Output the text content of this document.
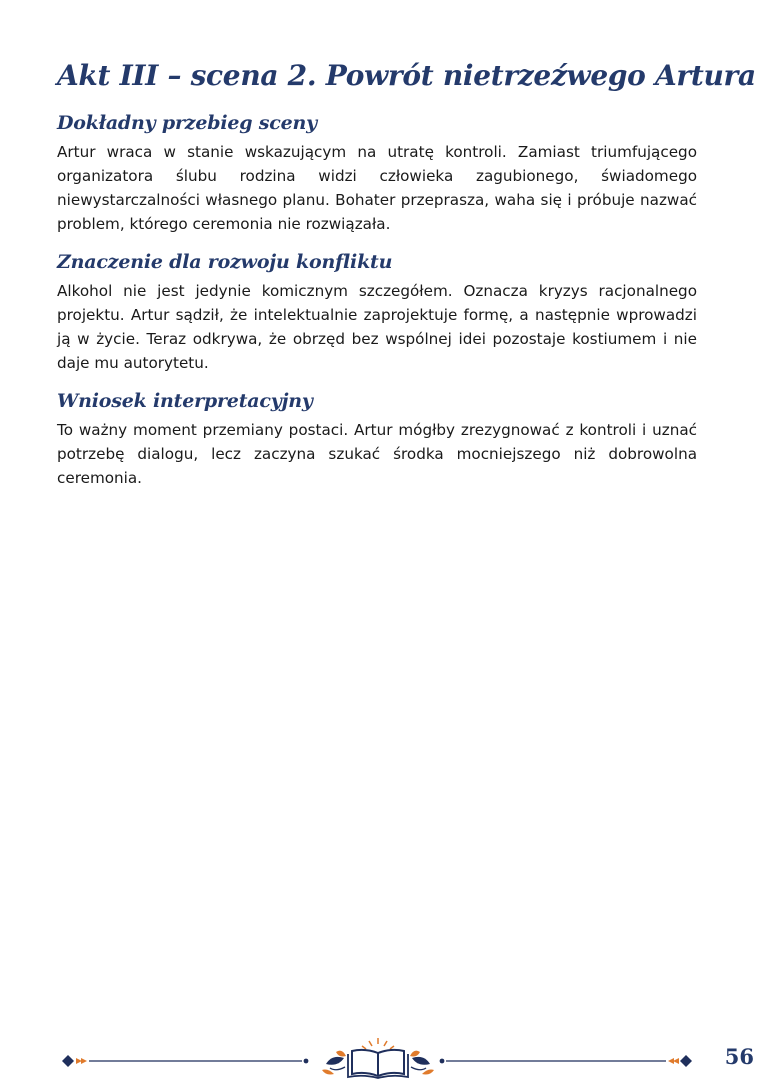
Akt III – scena 2. Powrót nietrzeźwego Artura
Dokładny przebieg sceny

Artur wraca w stanie wskazującym na utratę kontroli. Zamiast triumfującego organizatora ślubu rodzina widzi człowieka zagubionego, świadomego niewystarczalności własnego planu. Bohater przeprasza, waha się i próbuje nazwać problem, którego ceremonia nie rozwiązała.

Znaczenie dla rozwoju konfliktu

Alkohol nie jest jedynie komicznym szczegółem. Oznacza kryzys racjonalnego projektu. Artur sądził, że intelektualnie zaprojektuje formę, a następnie wprowadzi ją w życie. Teraz odkrywa, że obrzęd bez wspólnej idei pozostaje kostiumem i nie daje mu autorytetu.

Wniosek interpretacyjny

To ważny moment przemiany postaci. Artur mógłby zrezygnować z kontroli i uznać potrzebę dialogu, lecz zaczyna szukać środka mocniejszego niż dobrowolna ceremonia.

56
